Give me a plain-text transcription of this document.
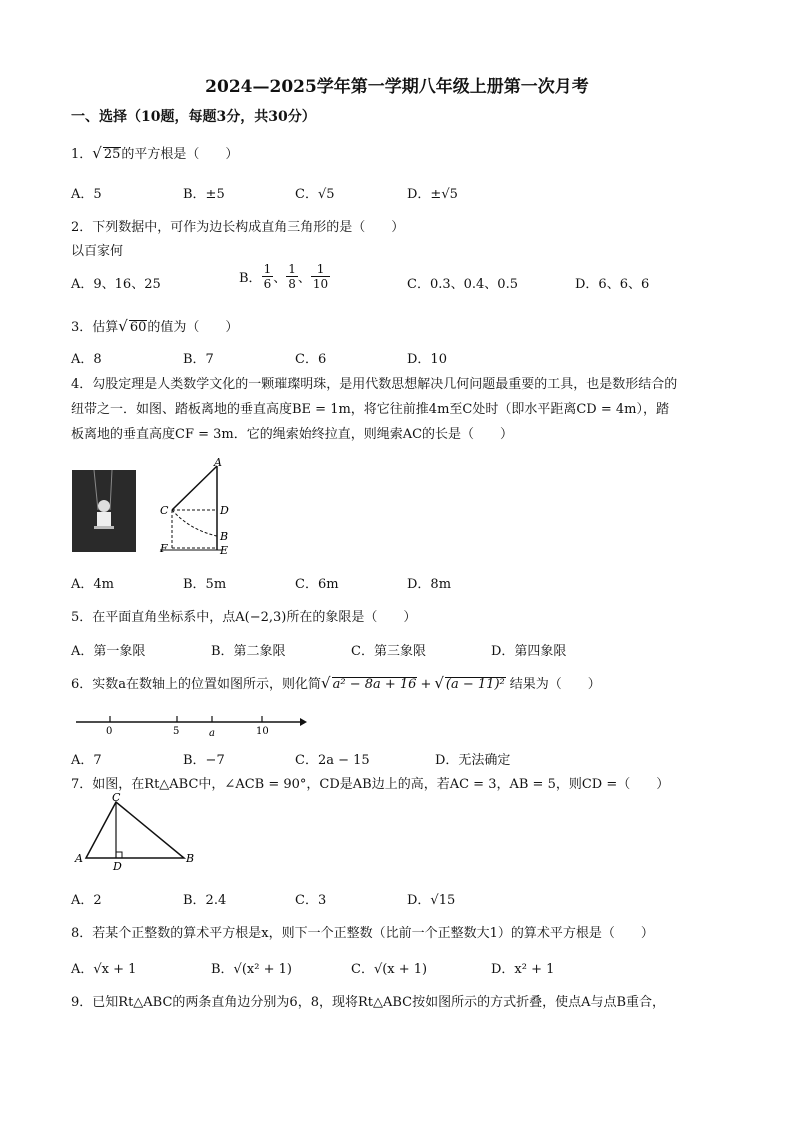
2024—2025学年第一学期八年级上册第一次月考
一、选择（10题，每题3分，共30分）
1．√ 25的平方根是（　　）
A．5	B．±5	C．√5	D．±√5
2．下列数据中，可作为边长构成直角三角形的是（　　）
以百家何
A．9、16、25	B． $\frac{1}{6}$ 、 $\frac{1}{8}$ 、 $\frac{1}{10}$	C．0.3、0.4、0.5	D．6、6、6
3．估算√ 60的值为（　　）
A．8	B．7	C．6	D．10
4．勾股定理是人类数学文化的一颗璀璨明珠，是用代数思想解决几何问题最重要的工具，也是数形结合的
纽带之一．如图、踏板离地的垂直高度BE = 1m，将它往前推4m至C处时（即水平距离CD = 4m），踏
板离地的垂直高度CF = 3m．它的绳索始终拉直，则绳索AC的长是（　　）
A
C	D
B
F	E
A．4m	B．5m	C．6m	D．8m
5．在平面直角坐标系中，点A(−2,3)所在的象限是（　　）
A．第一象限	B．第二象限	C．第三象限	D．第四象限
6．实数a在数轴上的位置如图所示，则化简√ a² − 8a + 16 + √ (a − 11)² 结果为（　　）
0	5	a	10
A．7	B．−7	C．2a − 15	D．无法确定
7．如图，在Rt△ABC中，∠ACB = 90°，CD是AB边上的高，若AC = 3，AB = 5，则CD =（　　）
C
A
D
B
A．2	B．2.4	C．3	D．√15
8．若某个正整数的算术平方根是x，则下一个正整数（比前一个正整数大1）的算术平方根是（　　）
A．√x + 1	B．√(x² + 1)	C．√(x + 1)	D．x² + 1
9．已知Rt△ABC的两条直角边分别为6，8，现将Rt△ABC按如图所示的方式折叠，使点A与点B重合，
